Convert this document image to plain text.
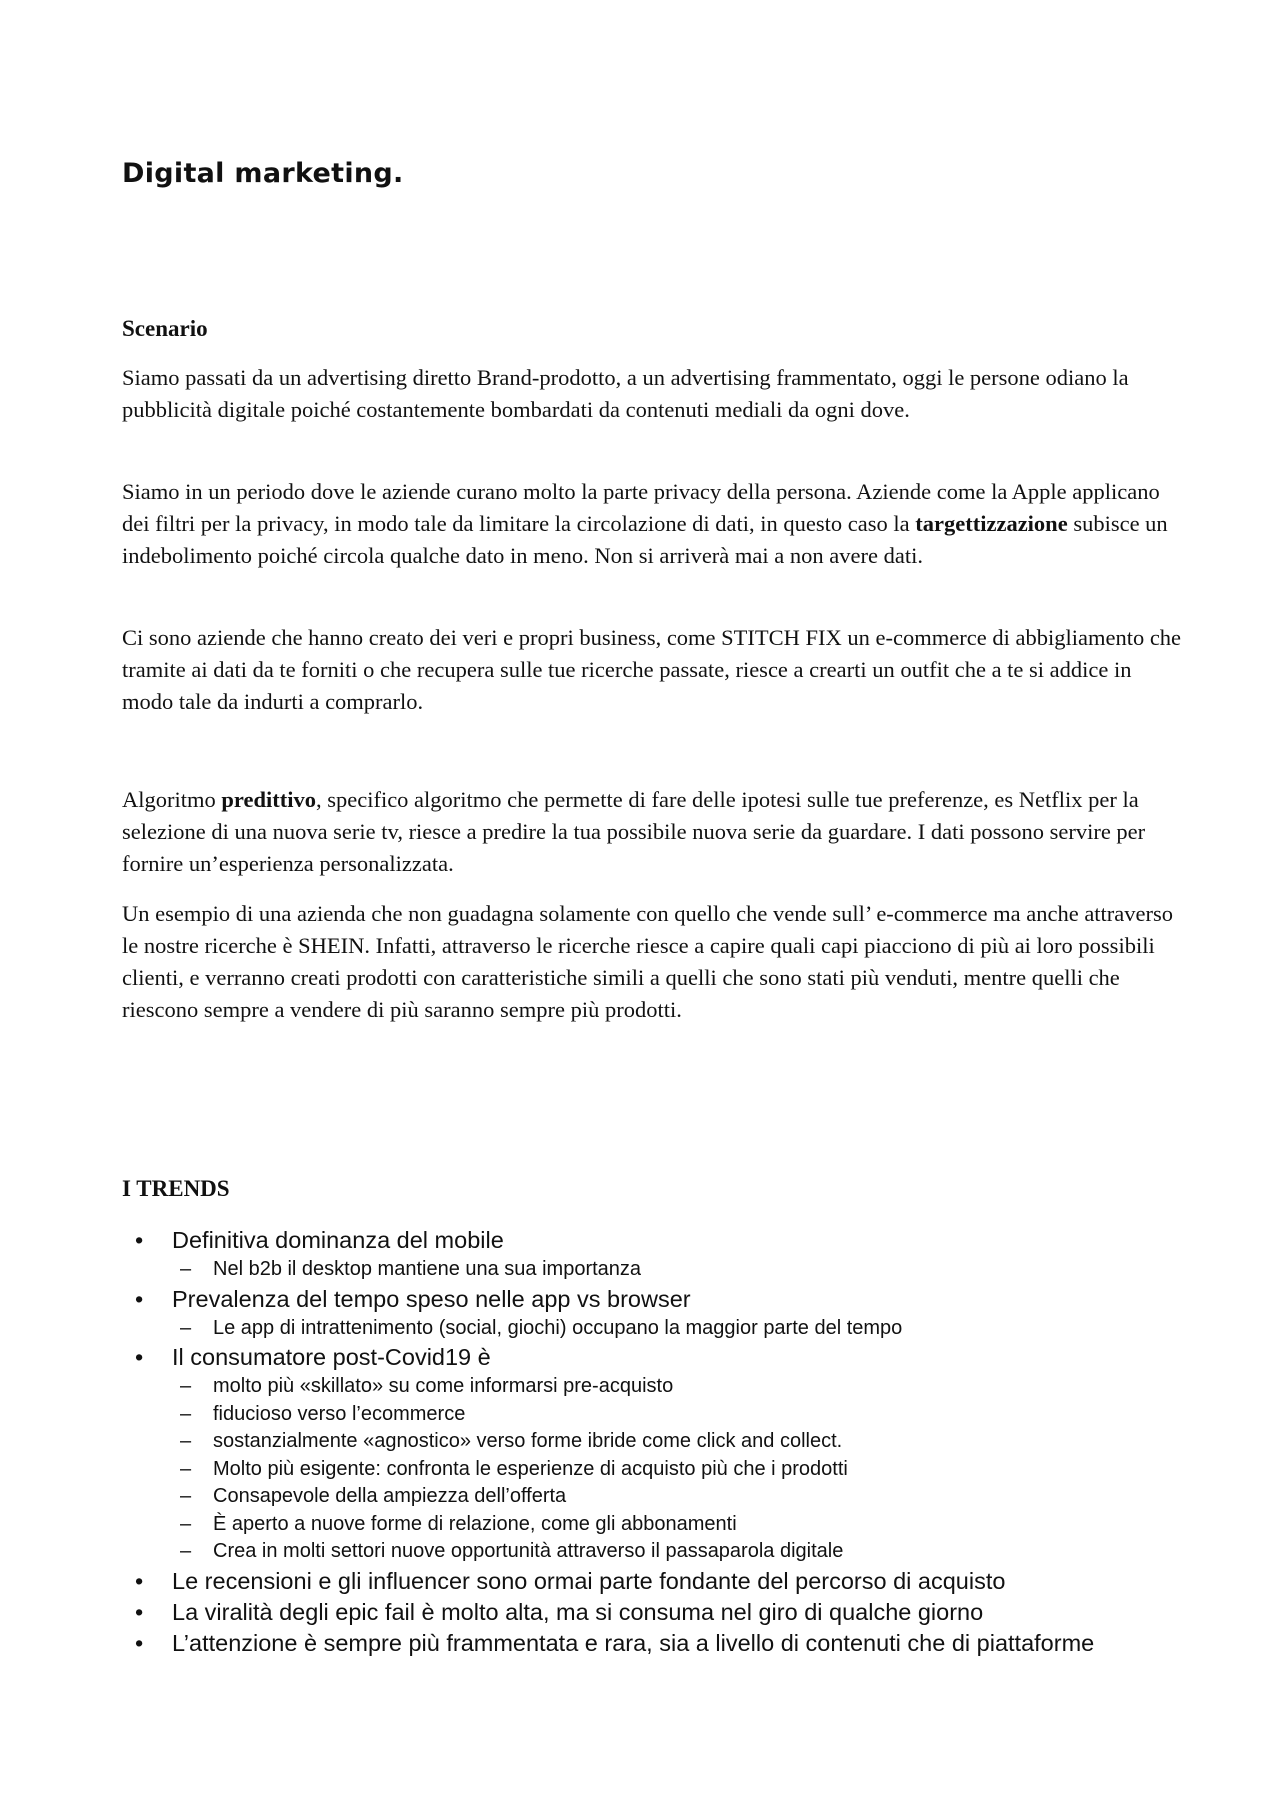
Digital marketing.
Scenario

Siamo passati da un advertising diretto Brand-prodotto, a un advertising frammentato, oggi le persone odiano la pubblicità digitale poiché costantemente bombardati da contenuti mediali da ogni dove.

Siamo in un periodo dove le aziende curano molto la parte privacy della persona. Aziende come la Apple applicano dei filtri per la privacy, in modo tale da limitare la circolazione di dati, in questo caso la targettizzazione subisce un indebolimento poiché circola qualche dato in meno. Non si arriverà mai a non avere dati.

Ci sono aziende che hanno creato dei veri e propri business, come STITCH FIX un e-commerce di abbigliamento che tramite ai dati da te forniti o che recupera sulle tue ricerche passate, riesce a crearti un outfit che a te si addice in modo tale da indurti a comprarlo.

Algoritmo predittivo, specifico algoritmo che permette di fare delle ipotesi sulle tue preferenze, es Netflix per la selezione di una nuova serie tv, riesce a predire la tua possibile nuova serie da guardare. I dati possono servire per fornire un’esperienza personalizzata.

Un esempio di una azienda che non guadagna solamente con quello che vende sull’ e-commerce ma anche attraverso le nostre ricerche è SHEIN. Infatti, attraverso le ricerche riesce a capire quali capi piacciono di più ai loro possibili clienti, e verranno creati prodotti con caratteristiche simili a quelli che sono stati più venduti, mentre quelli che riescono sempre a vendere di più saranno sempre più prodotti.

I TRENDS
• Definitiva dominanza del mobile
– Nel b2b il desktop mantiene una sua importanza
• Prevalenza del tempo speso nelle app vs browser
– Le app di intrattenimento (social, giochi) occupano la maggior parte del tempo
• Il consumatore post-Covid19 è
– molto più «skillato» su come informarsi pre-acquisto
– fiducioso verso l’ecommerce
– sostanzialmente «agnostico» verso forme ibride come click and collect.
– Molto più esigente: confronta le esperienze di acquisto più che i prodotti
– Consapevole della ampiezza dell’offerta
– È aperto a nuove forme di relazione, come gli abbonamenti
– Crea in molti settori nuove opportunità attraverso il passaparola digitale
• Le recensioni e gli influencer sono ormai parte fondante del percorso di acquisto
• La viralità degli epic fail è molto alta, ma si consuma nel giro di qualche giorno
• L’attenzione è sempre più frammentata e rara, sia a livello di contenuti che di piattaforme
